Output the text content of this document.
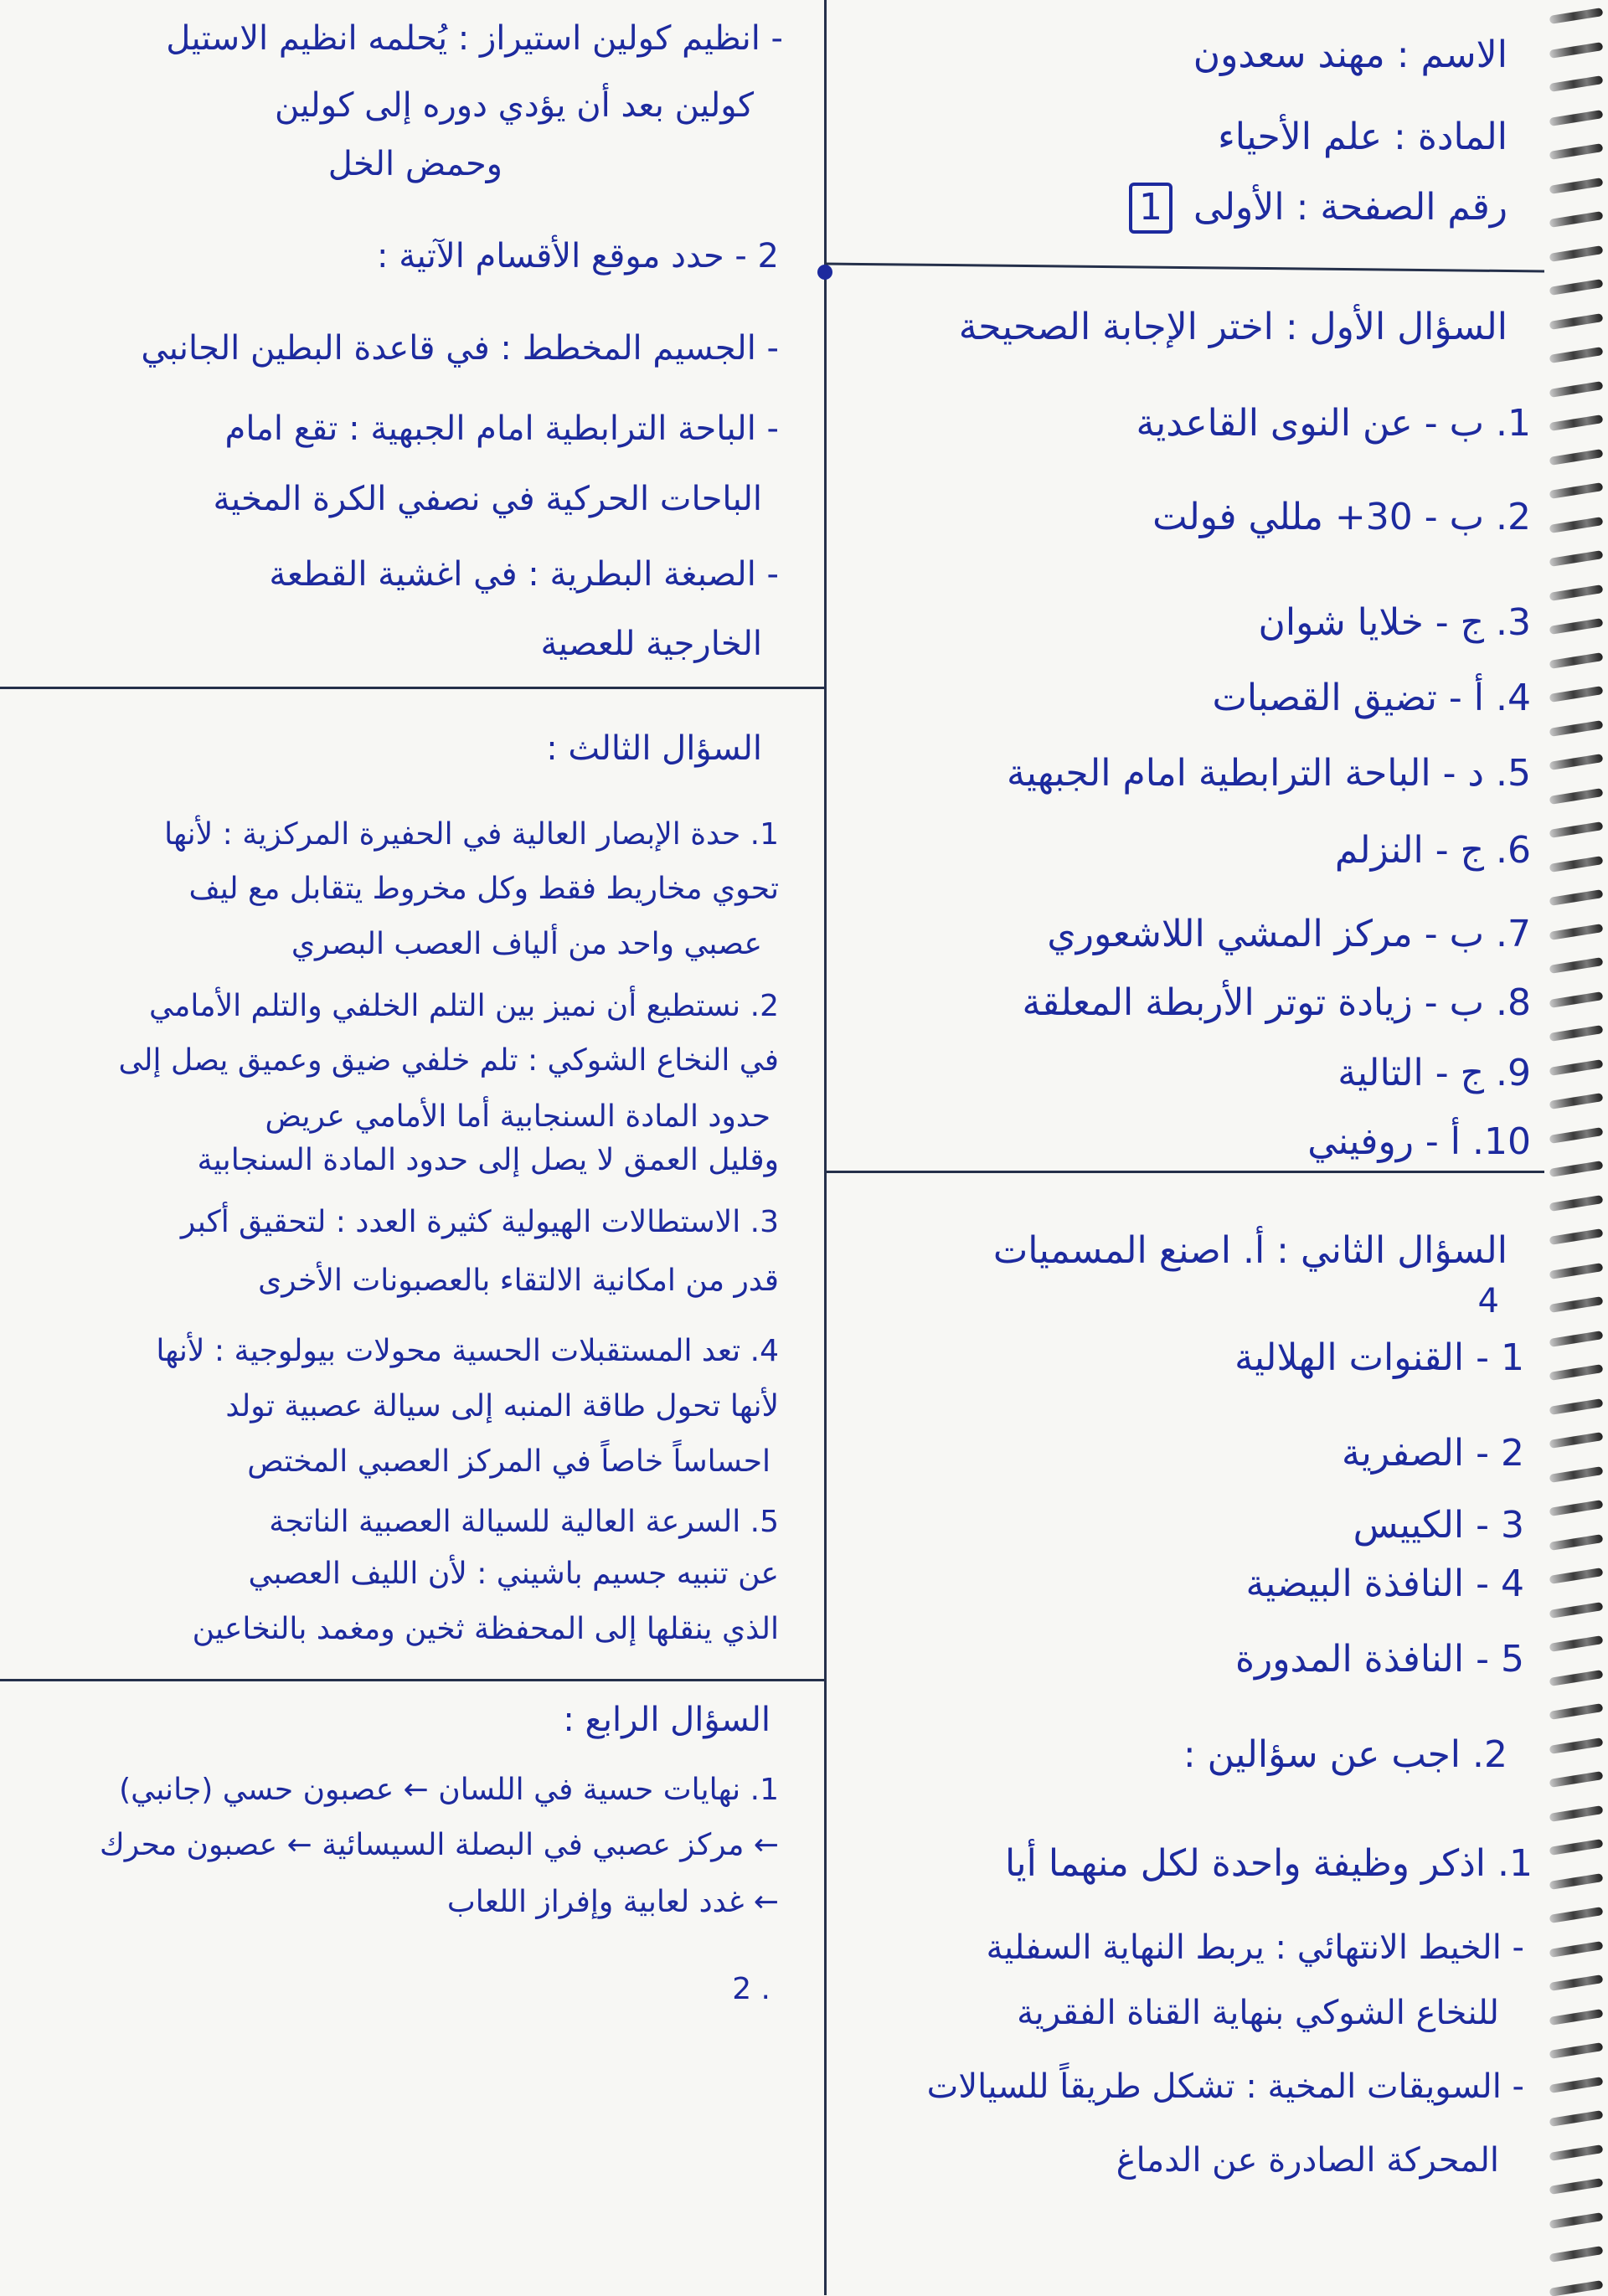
الاسم : مهند سعدون
المادة : علم الأحياء
رقم الصفحة : الأولى
1
السؤال الأول : اختر الإجابة الصحيحة
1. ب - عن النوى القاعدية
2. ب - 30+ مللي فولت
3. ج - خلايا شوان
4. أ - تضيق القصبات
5. د - الباحة الترابطية امام الجبهية
6. ج - النزلم
7. ب - مركز المشي اللاشعوري
8. ب - زيادة توتر الأربطة المعلقة
9. ج - التالية
10. أ - روفيني
السؤال الثاني : أ. اصنع المسميات
4
1 - القنوات الهلالية
2 - الصفرية
3 - الكييس
4 - النافذة البيضية
5 - النافذة المدورة
2. اجب عن سؤالين :
1. اذكر وظيفة واحدة لكل منهما أيا
- الخيط الانتهائي : يربط النهاية السفلية
للنخاع الشوكي بنهاية القناة الفقرية
- السويقات المخية : تشكل طريقاً للسيالات
المحركة الصادرة عن الدماغ
- انظيم كولين استيراز : يُحلمه انظيم الاستيل
كولين بعد أن يؤدي دوره إلى كولين
وحمض الخل
2 - حدد موقع الأقسام الآتية :
- الجسيم المخطط : في قاعدة البطين الجانبي
- الباحة الترابطية امام الجبهية : تقع امام
الباحات الحركية في نصفي الكرة المخية
- الصبغة البطرية : في اغشية القطعة
الخارجية للعصية
السؤال الثالث :
1. حدة الإبصار العالية في الحفيرة المركزية : لأنها
تحوي مخاريط فقط وكل مخروط يتقابل مع ليف
عصبي واحد من ألياف العصب البصري
2. نستطيع أن نميز بين التلم الخلفي والتلم الأمامي
في النخاع الشوكي : تلم خلفي ضيق وعميق يصل إلى
حدود المادة السنجابية أما الأمامي عريض
وقليل العمق لا يصل إلى حدود المادة السنجابية
3. الاستطالات الهيولية كثيرة العدد : لتحقيق أكبر
قدر من امكانية الالتقاء بالعصبونات الأخرى
4. تعد المستقبلات الحسية محولات بيولوجية : لأنها
لأنها تحول طاقة المنبه إلى سيالة عصبية تولد
احساساً خاصاً في المركز العصبي المختص
5. السرعة العالية للسيالة العصبية الناتجة
عن تنبيه جسيم باشيني : لأن الليف العصبي
الذي ينقلها إلى المحفظة ثخين ومغمد بالنخاعين
السؤال الرابع :
1. نهايات حسية في اللسان ← عصبون حسي (جانبي)
← مركز عصبي في البصلة السيسائية ← عصبون محرك
← غدد لعابية وإفراز اللعاب
2 .
